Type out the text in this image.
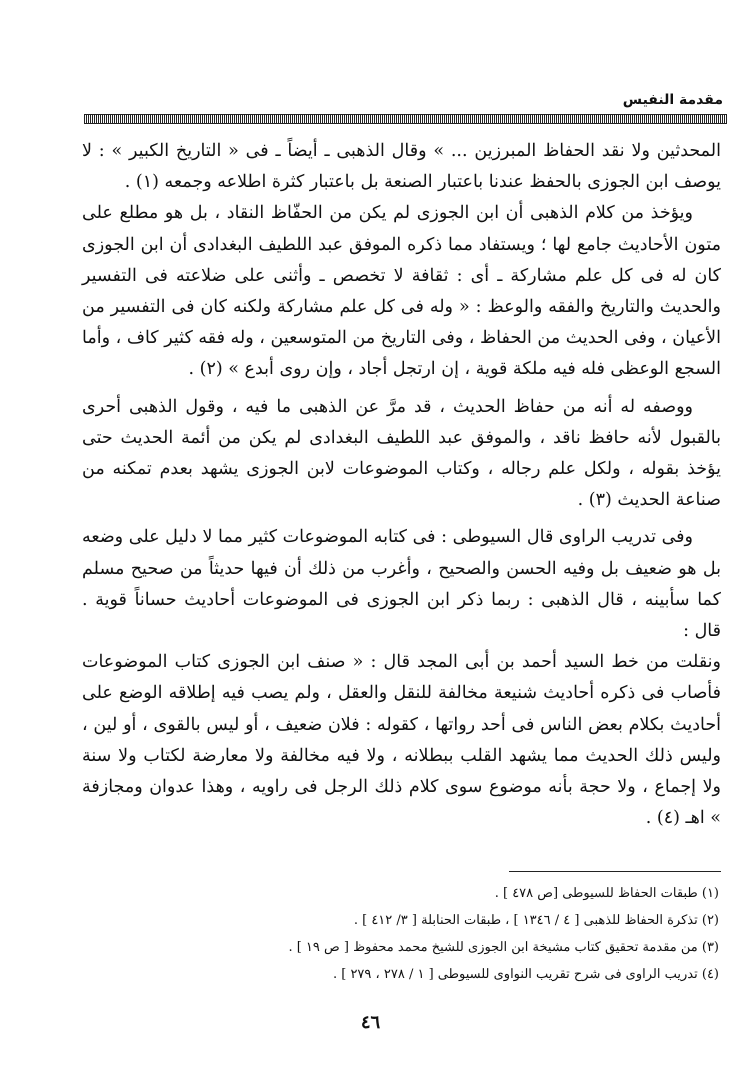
مقدمة النفيس

المحدثين ولا نقد الحفاظ المبرزين ... » وقال الذهبى ـ أيضاً ـ فى « التاريخ الكبير » : لا يوصف ابن الجوزى بالحفظ عندنا باعتبار الصنعة بل باعتبار كثرة اطلاعه وجمعه (١) .

ويؤخذ من كلام الذهبى أن ابن الجوزى لم يكن من الحفّاظ النقاد ، بل هو مطلع على متون الأحاديث جامع لها ؛ ويستفاد مما ذكره الموفق عبد اللطيف البغدادى أن ابن الجوزى كان له فى كل علم مشاركة ـ أى : ثقافة لا تخصص ـ وأثنى على ضلاعته فى التفسير والحديث والتاريخ والفقه والوعظ : « وله فى كل علم مشاركة ولكنه كان فى التفسير من الأعيان ، وفى الحديث من الحفاظ ، وفى التاريخ من المتوسعين ، وله فقه كثير كاف ، وأما السجع الوعظى فله فيه ملكة قوية ، إن ارتجل أجاد ، وإن روى أبدع » (٢) .

ووصفه له أنه من حفاظ الحديث ، قد مرَّ عن الذهبى ما فيه ، وقول الذهبى أحرى بالقبول لأنه حافظ ناقد ، والموفق عبد اللطيف البغدادى لم يكن من أئمة الحديث حتى يؤخذ بقوله ، ولكل علم رجاله ، وكتاب الموضوعات لابن الجوزى يشهد بعدم تمكنه من صناعة الحديث (٣) .

وفى تدريب الراوى قال السيوطى : فى كتابه الموضوعات كثير مما لا دليل على وضعه بل هو ضعيف بل وفيه الحسن والصحيح ، وأغرب من ذلك أن فيها حديثاً من صحيح مسلم كما سأبينه ، قال الذهبى : ربما ذكر ابن الجوزى فى الموضوعات أحاديث حساناً قوية . قال :

ونقلت من خط السيد أحمد بن أبى المجد قال : « صنف ابن الجوزى كتاب الموضوعات فأصاب فى ذكره أحاديث شنيعة مخالفة للنقل والعقل ، ولم يصب فيه إطلاقه الوضع على أحاديث بكلام بعض الناس فى أحد رواتها ، كقوله : فلان ضعيف ، أو ليس بالقوى ، أو لين ، وليس ذلك الحديث مما يشهد القلب ببطلانه ، ولا فيه مخالفة ولا معارضة لكتاب ولا سنة ولا إجماع ، ولا حجة بأنه موضوع سوى كلام ذلك الرجل فى راويه ، وهذا عدوان ومجازفة » اهـ (٤) .

(١) طبقات الحفاظ للسيوطى [ص ٤٧٨ ] .
(٢) تذكرة الحفاظ للذهبى [ ٤ / ١٣٤٦ ] ، طبقات الحنابلة [ ٣/ ٤١٢ ] .
(٣) من مقدمة تحقيق كتاب مشيخة ابن الجوزى للشيخ محمد محفوظ [ ص ١٩ ] .
(٤) تدريب الراوى فى شرح تقريب النواوى للسيوطى [ ١ / ٢٧٨ ، ٢٧٩ ] .
٤٦
